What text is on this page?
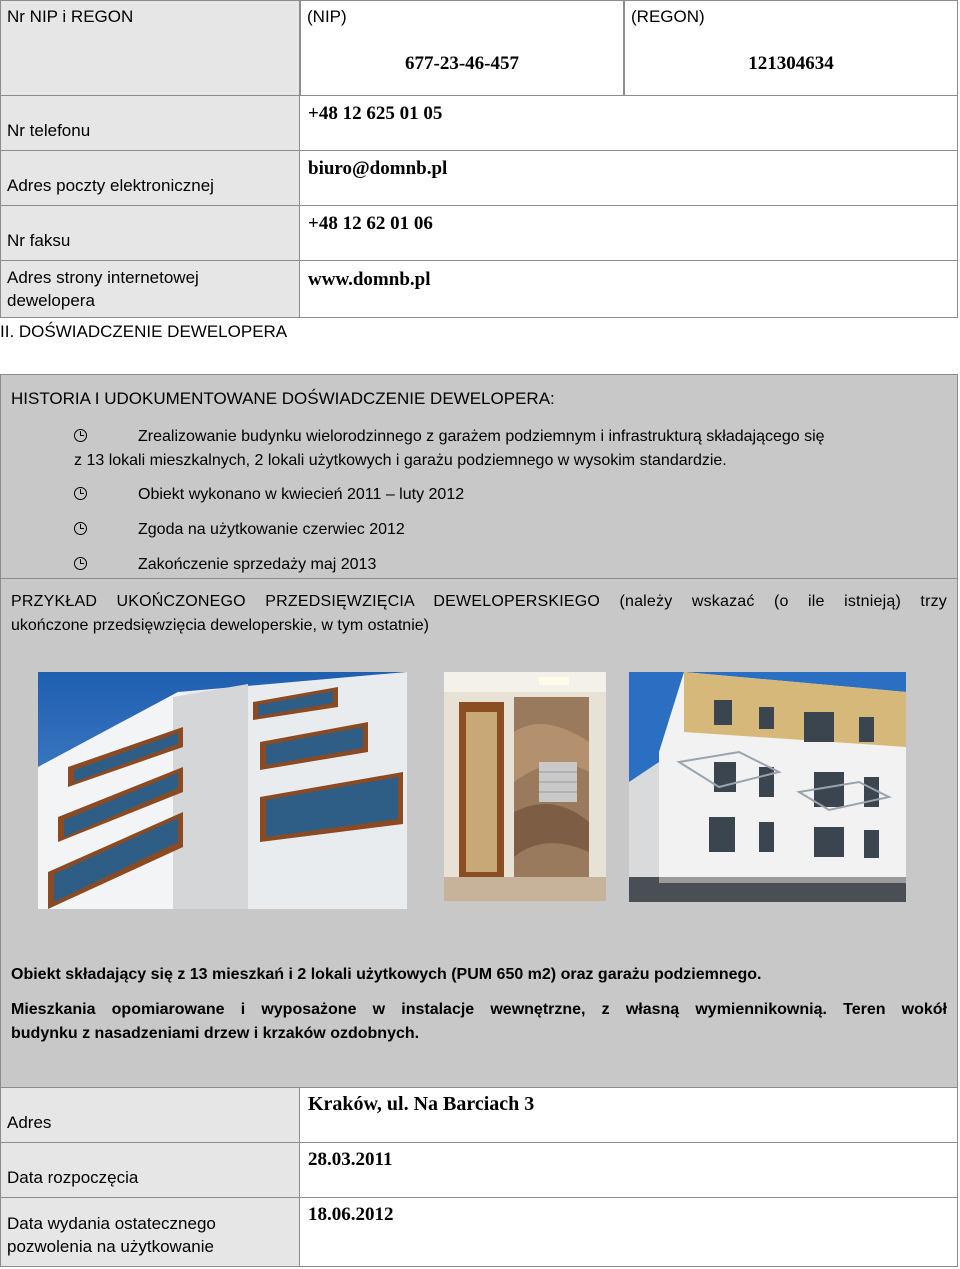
Nr NIP i REGON	(NIP)
677-23-46-457
(REGON)
121304634
Nr telefonu
+48 12 625 01 05
Adres poczty elektronicznej
biuro@domnb.pl
Nr faksu
+48 12 62 01 06
Adres strony internetowej
dewelopera
www.domnb.pl
II. DOŚWIADCZENIE DEWELOPERA
HISTORIA I UDOKUMENTOWANE DOŚWIADCZENIE DEWELOPERA:
Zrealizowanie budynku wielorodzinnego z garażem podziemnym i infrastrukturą składającego się
z 13 lokali mieszkalnych, 2 lokali użytkowych i garażu podziemnego w wysokim standardzie.
Obiekt wykonano w kwiecień 2011 – luty 2012
Zgoda na użytkowanie czerwiec 2012
Zakończenie sprzedaży maj 2013
PRZYKŁAD UKOŃCZONEGO PRZEDSIĘWZIĘCIA DEWELOPERSKIEGO (należy wskazać (o ile istnieją) trzy
ukończone przedsięwzięcia deweloperskie, w tym ostatnie)
Obiekt składający się z 13 mieszkań i 2 lokali użytkowych (PUM 650 m2) oraz garażu podziemnego.
Mieszkania opomiarowane i wyposażone w instalacje wewnętrzne, z własną wymiennikownią. Teren wokół
budynku z nasadzeniami drzew i krzaków ozdobnych.
Adres
Kraków, ul. Na Barciach 3
Data rozpoczęcia
28.03.2011
Data wydania ostatecznego
pozwolenia na użytkowanie
18.06.2012
